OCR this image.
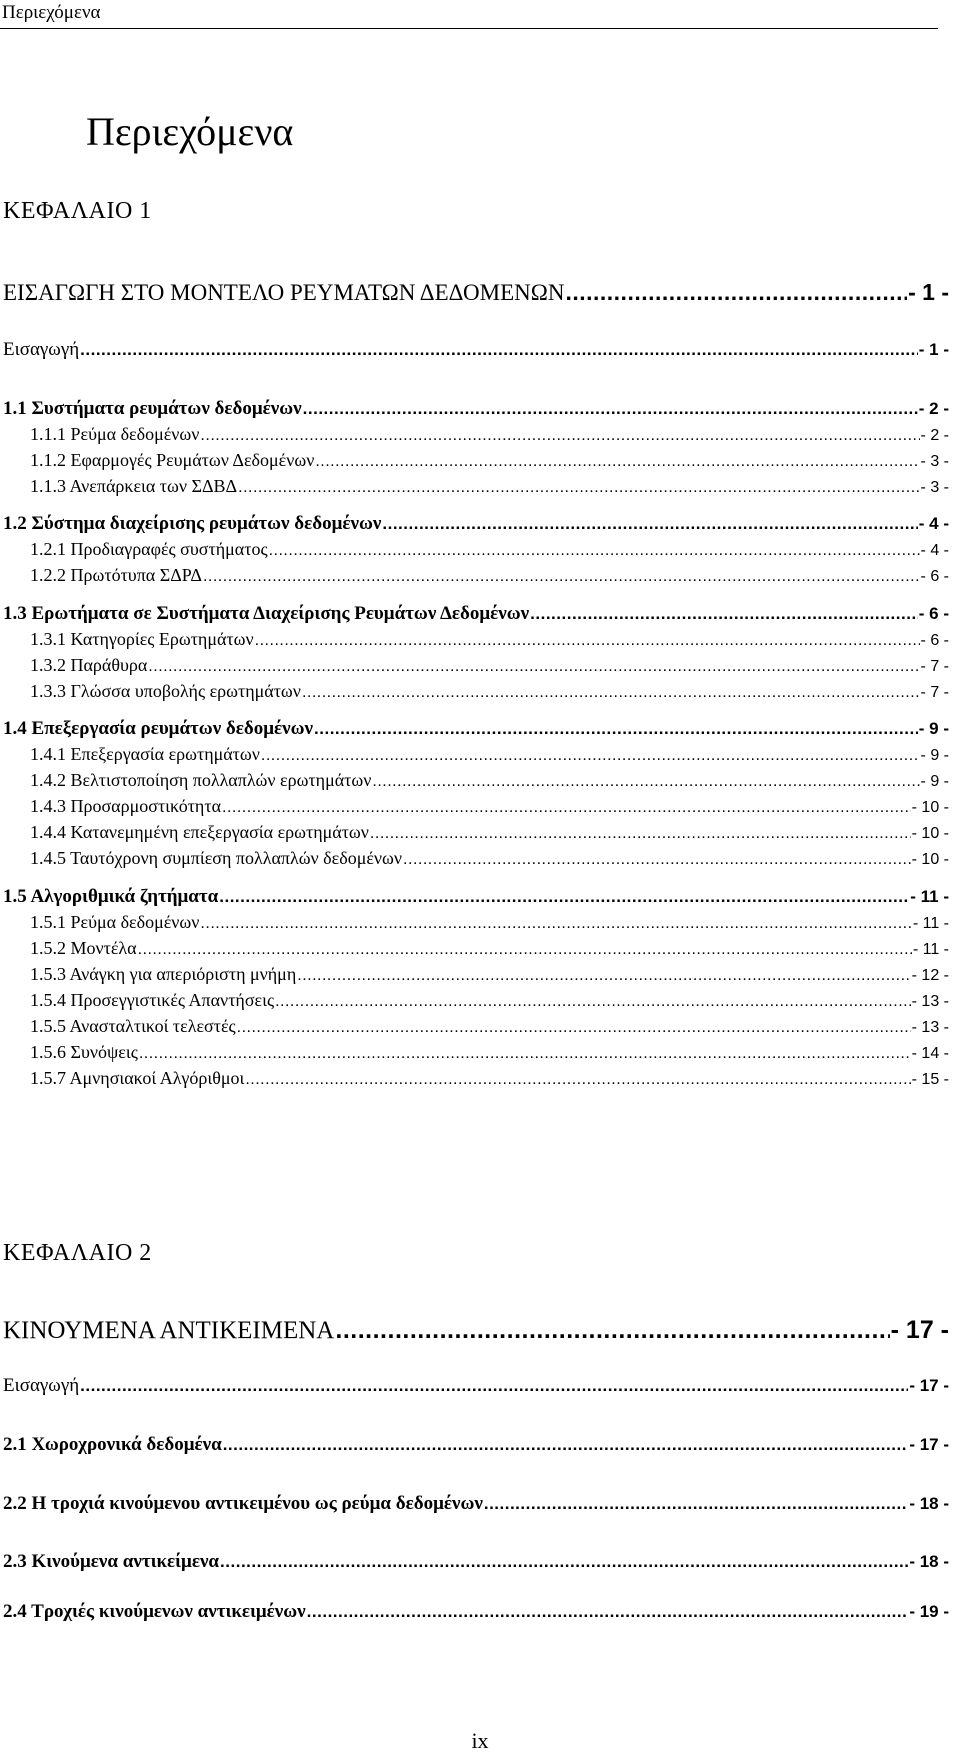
Περιεχόμενα
Περιεχόμενα
ΚΕΦΑΛΑΙΟ 1
ΕΙΣΑΓΩΓΗ ΣΤΟ ΜΟΝΤΕΛΟ ΡΕΥΜΑΤΩΝ ΔΕΔΟΜΕΝΩΝ .....	- 1 -
Εισαγωγή .....	- 1 -
1.1 Συστήματα ρευμάτων δεδομένων .....	- 2 -
1.1.1 Ρεύμα δεδομένων .....	- 2 -
1.1.2 Εφαρμογές Ρευμάτων Δεδομένων .....	- 3 -
1.1.3 Ανεπάρκεια των ΣΔΒΔ .....	- 3 -
1.2 Σύστημα διαχείρισης ρευμάτων δεδομένων .....	- 4 -
1.2.1 Προδιαγραφές συστήματος .....	- 4 -
1.2.2 Πρωτότυπα ΣΔΡΔ .....	- 6 -
1.3 Ερωτήματα σε Συστήματα Διαχείρισης Ρευμάτων Δεδομένων .....	- 6 -
1.3.1 Κατηγορίες Ερωτημάτων .....	- 6 -
1.3.2 Παράθυρα .....	- 7 -
1.3.3 Γλώσσα υποβολής ερωτημάτων .....	- 7 -
1.4 Επεξεργασία ρευμάτων δεδομένων .....	- 9 -
1.4.1 Επεξεργασία ερωτημάτων .....	- 9 -
1.4.2 Βελτιστοποίηση πολλαπλών ερωτημάτων .....	- 9 -
1.4.3 Προσαρμοστικότητα .....	- 10 -
1.4.4 Κατανεμημένη επεξεργασία ερωτημάτων .....	- 10 -
1.4.5 Ταυτόχρονη συμπίεση πολλαπλών δεδομένων .....	- 10 -
1.5 Αλγοριθμικά ζητήματα .....	- 11 -
1.5.1 Ρεύμα δεδομένων .....	- 11 -
1.5.2 Μοντέλα .....	- 11 -
1.5.3 Ανάγκη για απεριόριστη μνήμη .....	- 12 -
1.5.4 Προσεγγιστικές Απαντήσεις .....	- 13 -
1.5.5 Ανασταλτικοί τελεστές .....	- 13 -
1.5.6 Συνόψεις .....	- 14 -
1.5.7 Αμνησιακοί Αλγόριθμοι .....	- 15 -
ΚΕΦΑΛΑΙΟ 2
ΚΙΝΟΥΜΕΝΑ ΑΝΤΙΚΕΙΜΕΝΑ .....	- 17 -
Εισαγωγή .....	- 17 -
2.1 Χωροχρονικά δεδομένα .....	- 17 -
2.2 Η τροχιά κινούμενου αντικειμένου ως ρεύμα δεδομένων .....	- 18 -
2.3 Κινούμενα αντικείμενα .....	- 18 -
2.4 Τροχιές κινούμενων αντικειμένων .....	- 19 -
ix
